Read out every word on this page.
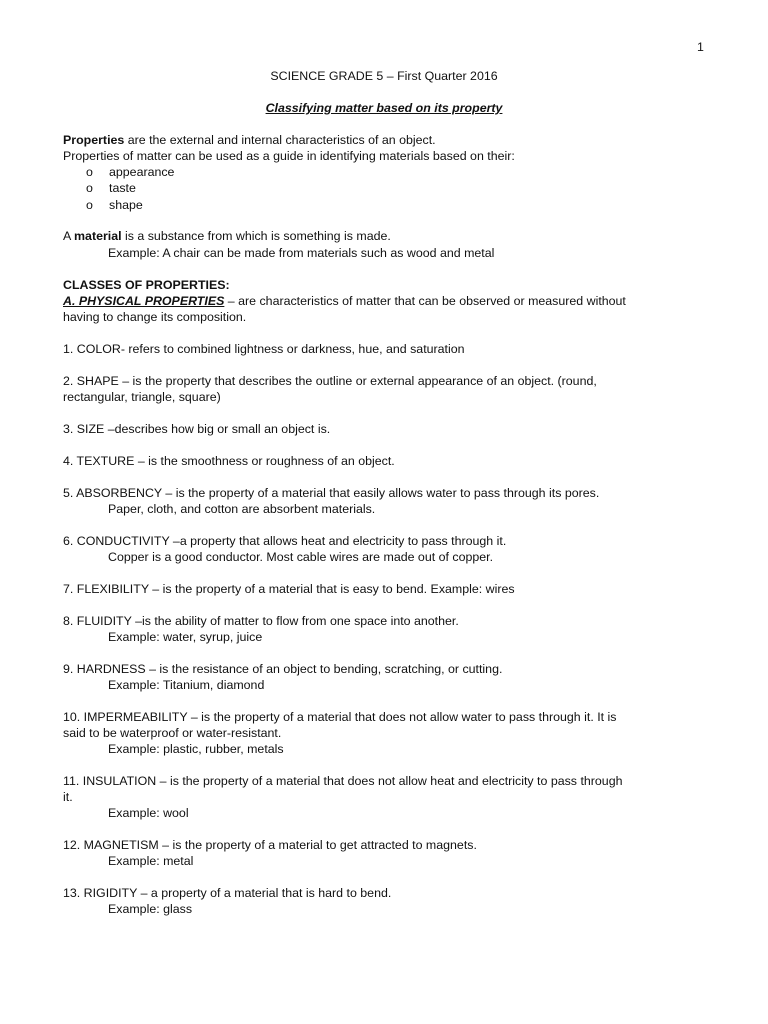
1
SCIENCE GRADE 5 – First Quarter 2016
Classifying matter based on its property
Properties are the external and internal characteristics of an object.
Properties of matter can be used as a guide in identifying materials based on their:
o appearance
o taste
o shape
A material is a substance from which is something is made.
Example: A chair can be made from materials such as wood and metal
CLASSES OF PROPERTIES:
A. PHYSICAL PROPERTIES – are characteristics of matter that can be observed or measured without
having to change its composition.
1. COLOR- refers to combined lightness or darkness, hue, and saturation
2. SHAPE – is the property that describes the outline or external appearance of an object. (round,
rectangular, triangle, square)
3. SIZE –describes how big or small an object is.
4. TEXTURE – is the smoothness or roughness of an object.
5. ABSORBENCY – is the property of a material that easily allows water to pass through its pores.
Paper, cloth, and cotton are absorbent materials.
6. CONDUCTIVITY –a property that allows heat and electricity to pass through it.
Copper is a good conductor. Most cable wires are made out of copper.
7. FLEXIBILITY – is the property of a material that is easy to bend. Example: wires
8. FLUIDITY –is the ability of matter to flow from one space into another.
Example: water, syrup, juice
9. HARDNESS – is the resistance of an object to bending, scratching, or cutting.
Example: Titanium, diamond
10. IMPERMEABILITY – is the property of a material that does not allow water to pass through it. It is
said to be waterproof or water-resistant.
Example: plastic, rubber, metals
11. INSULATION – is the property of a material that does not allow heat and electricity to pass through
it.
Example: wool
12. MAGNETISM – is the property of a material to get attracted to magnets.
Example: metal
13. RIGIDITY – a property of a material that is hard to bend.
Example: glass
